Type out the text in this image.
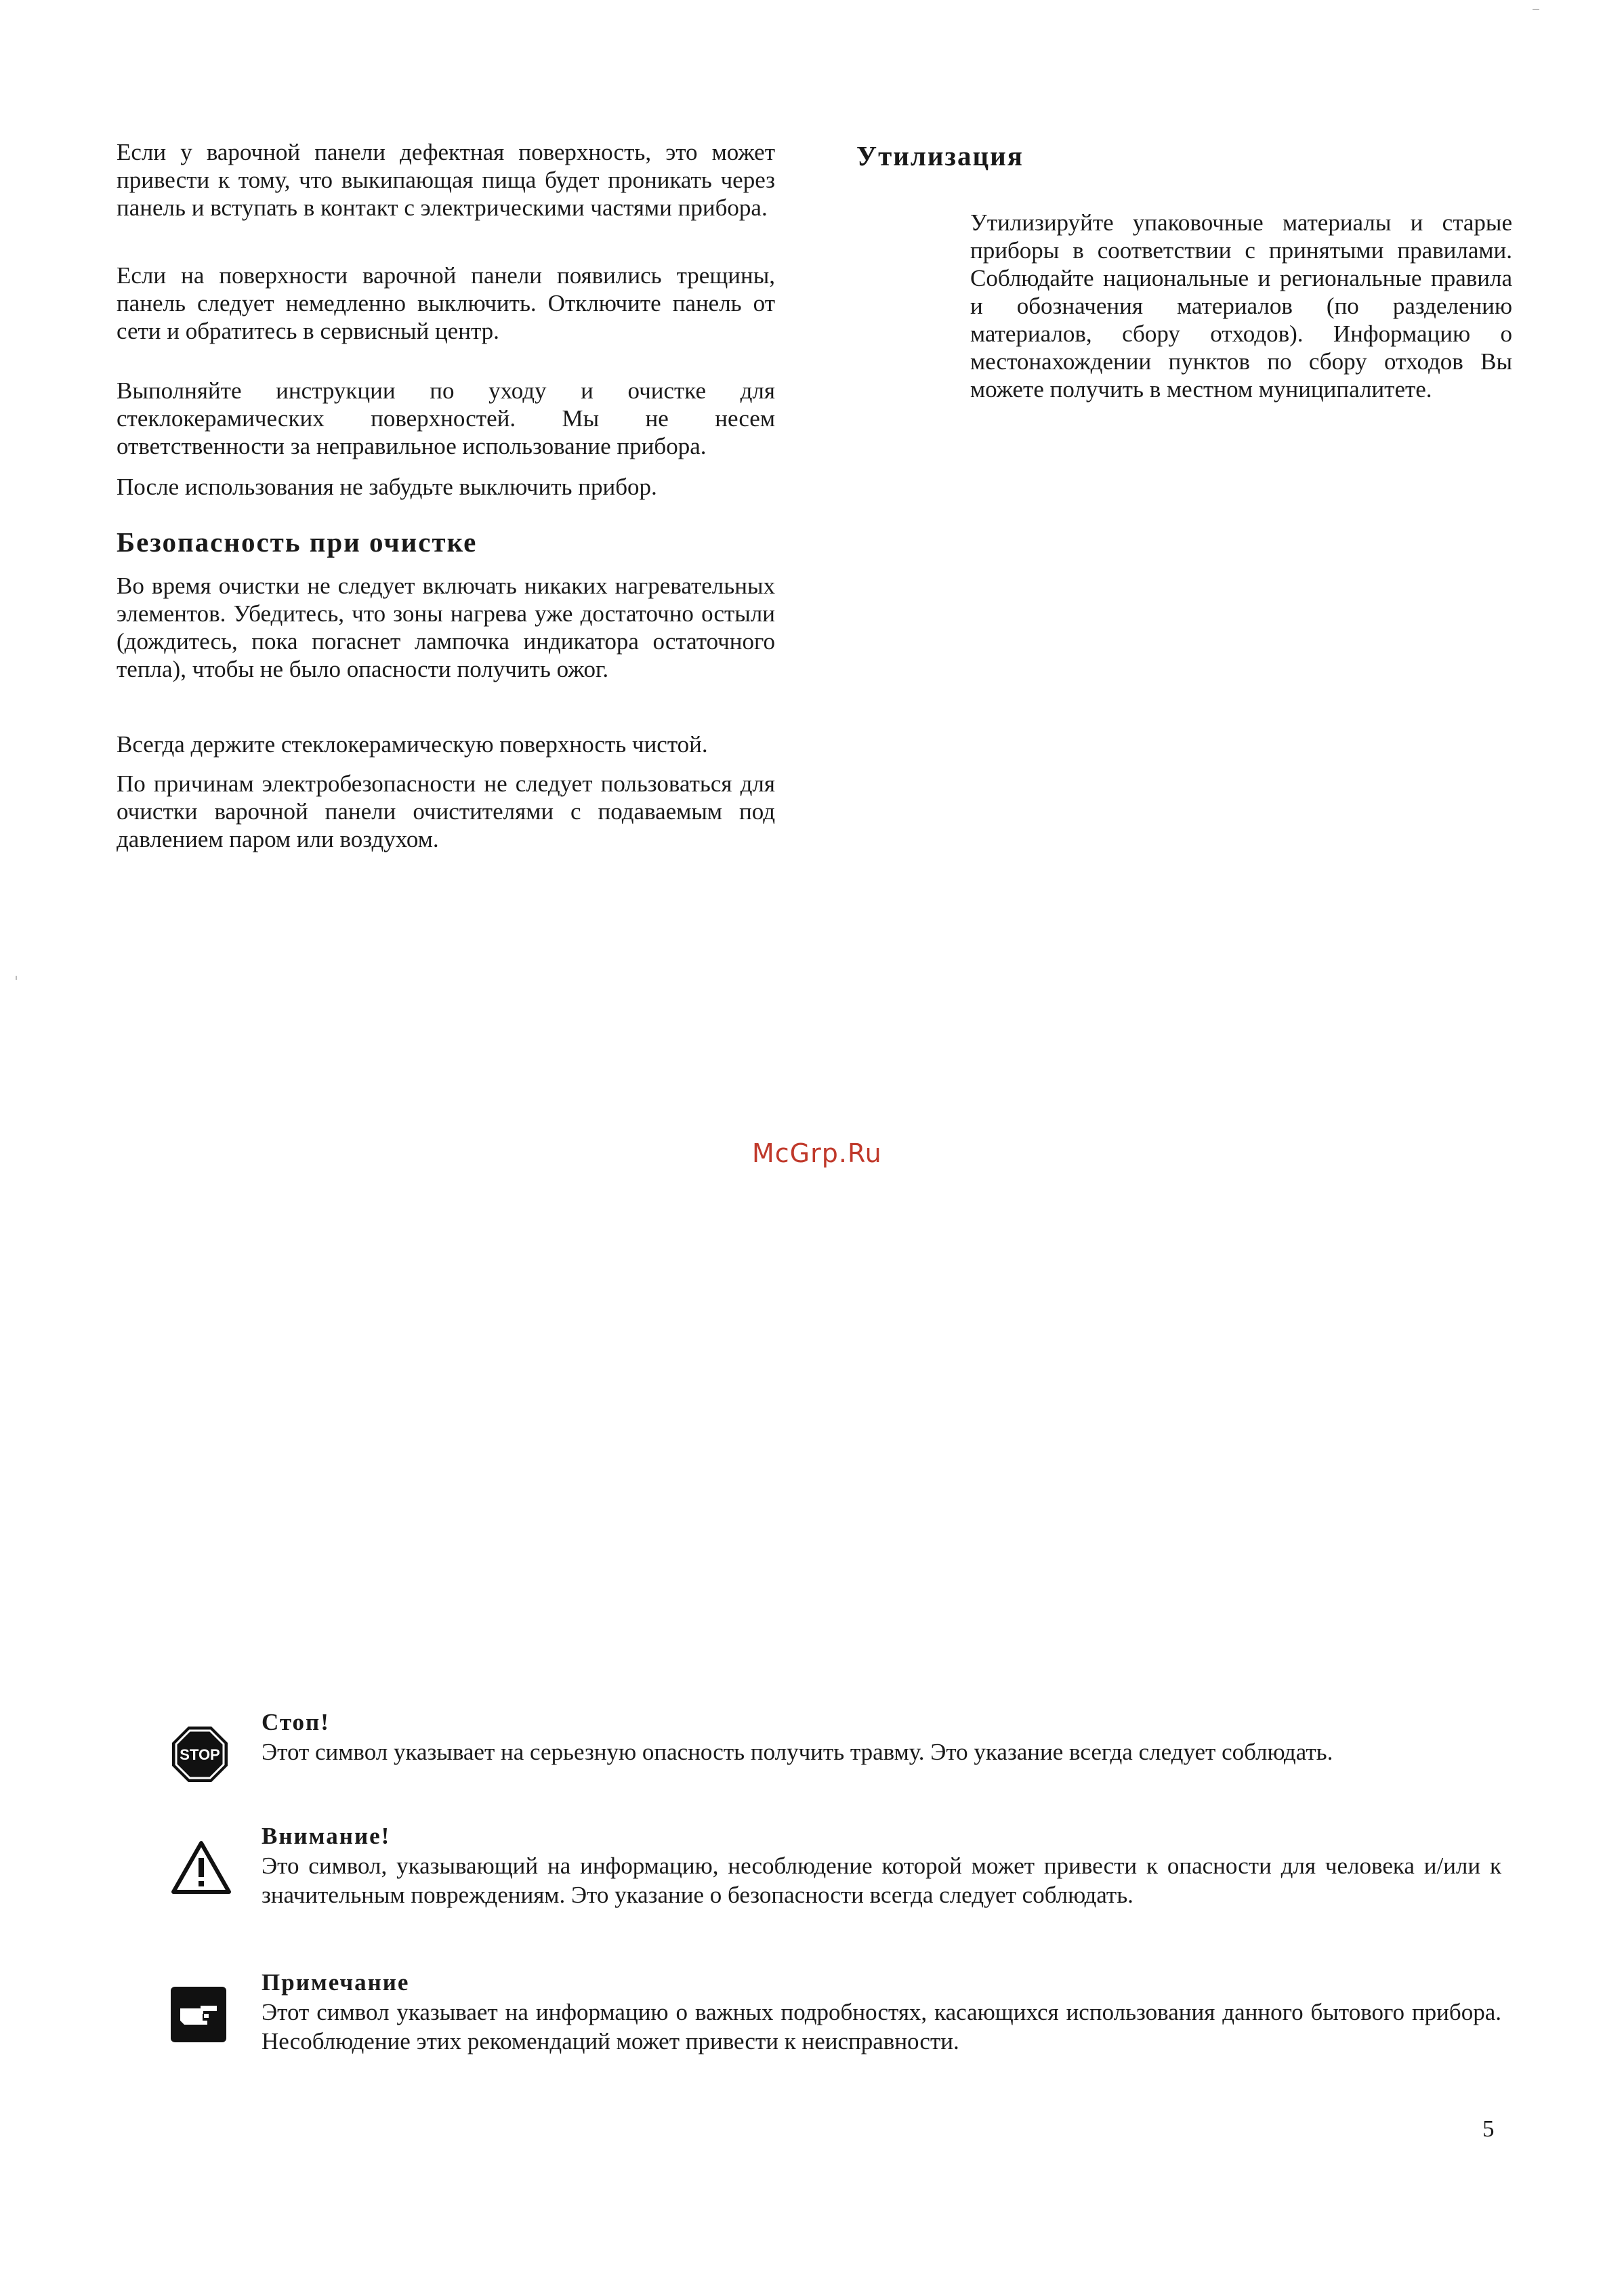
Если у варочной панели дефектная поверхность, это может привести к тому, что выкипающая пища будет проникать через панель и вступать в контакт с электрическими частями прибора.

Если на поверхности варочной панели появились трещины, панель следует немедленно выключить. Отключите панель от сети и обратитесь в сервисный центр.

Выполняйте инструкции по уходу и очистке для стеклокерамических поверхностей. Мы не несем ответственности за неправильное использование прибора.

После использования не забудьте выключить прибор.

Безопасность при очистке

Во время очистки не следует включать никаких нагревательных элементов. Убедитесь, что зоны нагрева уже достаточно остыли (дождитесь, пока погаснет лампочка индикатора остаточного тепла), чтобы не было опасности получить ожог.

Всегда держите стеклокерамическую поверхность чистой.

По причинам электробезопасности не следует пользоваться для очистки варочной панели очистителями с подаваемым под давлением паром или воздухом.

Утилизация

Утилизируйте упаковочные материалы и старые приборы в соответствии с принятыми правилами. Соблюдайте национальные и региональные правила и обозначения материалов (по разделению материалов, сбору отходов). Информацию о местонахождении пунктов по сбору отходов Вы можете получить в местном муниципалитете.

McGrp.Ru
STOP
Стоп!

Этот символ указывает на серьезную опасность получить травму. Это указание всегда следует соблюдать.

Внимание!

Это символ, указывающий на информацию, несоблюдение которой может привести к опасности для человека и/или к значительным повреждениям. Это указание о безопасности всегда следует соблюдать.

Примечание

Этот символ указывает на информацию о важных подробностях, касающихся использования данного бытового прибора. Несоблюдение этих рекомендаций может привести к неисправности.

5
